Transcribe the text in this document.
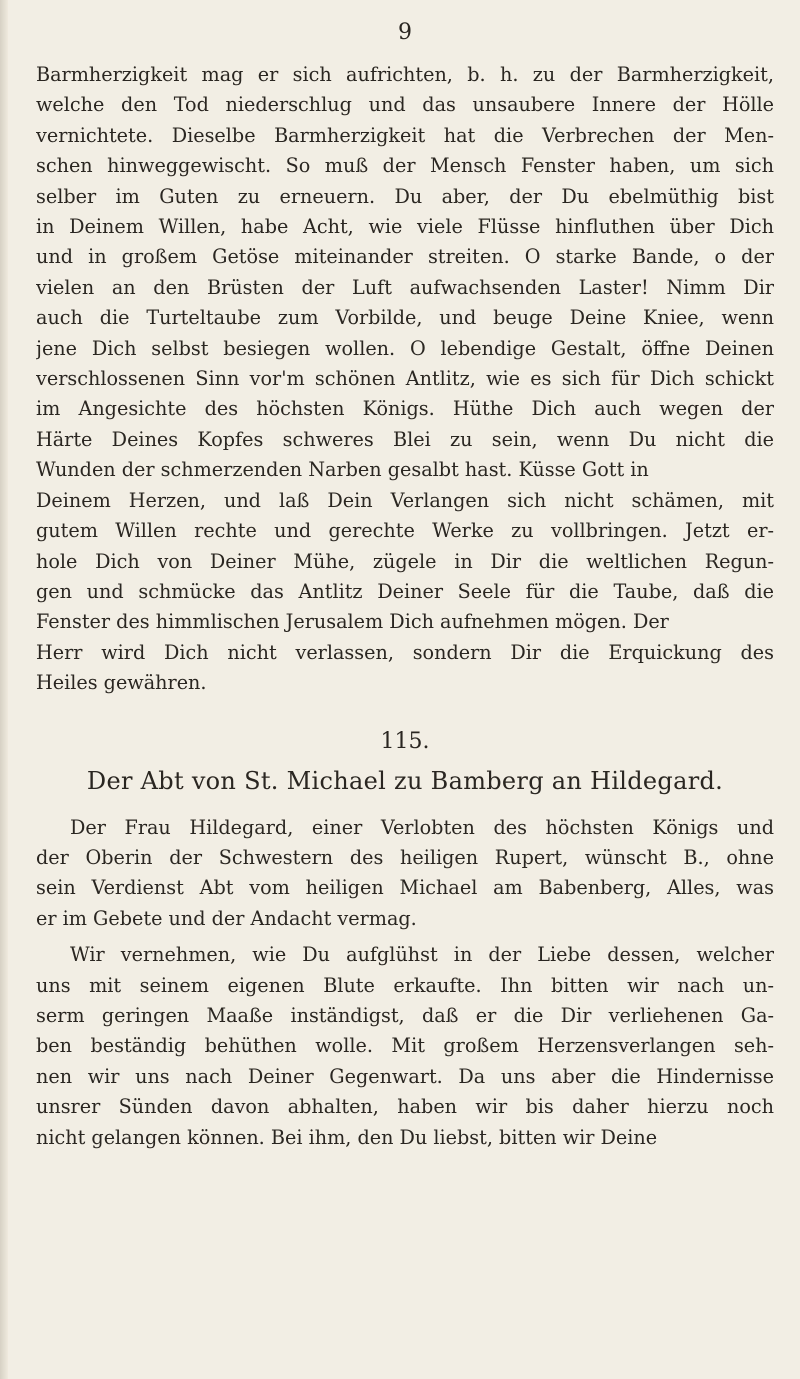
9
Barmherzigkeit mag er sich aufrichten, b. h. zu der Barmherzigkeit,
welche den Tod niederschlug und das unsaubere Innere der Hölle
vernichtete. Dieselbe Barmherzigkeit hat die Verbrechen der Men-
schen hinweggewischt. So muß der Mensch Fenster haben, um sich
selber im Guten zu erneuern. Du aber, der Du ebelmüthig bist
in Deinem Willen, habe Acht, wie viele Flüsse hinfluthen über Dich
und in großem Getöse miteinander streiten. O starke Bande, o der
vielen an den Brüsten der Luft aufwachsenden Laster! Nimm Dir
auch die Turteltaube zum Vorbilde, und beuge Deine Kniee, wenn
jene Dich selbst besiegen wollen. O lebendige Gestalt, öffne Deinen
verschlossenen Sinn vor'm schönen Antlitz, wie es sich für Dich schickt
im Angesichte des höchsten Königs. Hüthe Dich auch wegen der
Härte Deines Kopfes schweres Blei zu sein, wenn Du nicht die
Wunden der schmerzenden Narben gesalbt hast. Küsse Gott in
Deinem Herzen, und laß Dein Verlangen sich nicht schämen, mit
gutem Willen rechte und gerechte Werke zu vollbringen. Jetzt er-
hole Dich von Deiner Mühe, zügele in Dir die weltlichen Regun-
gen und schmücke das Antlitz Deiner Seele für die Taube, daß die
Fenster des himmlischen Jerusalem Dich aufnehmen mögen. Der
Herr wird Dich nicht verlassen, sondern Dir die Erquickung des
Heiles gewähren.
115.
Der Abt von St. Michael zu Bamberg an Hildegard.
Der Frau Hildegard, einer Verlobten des höchsten Königs und
der Oberin der Schwestern des heiligen Rupert, wünscht B., ohne
sein Verdienst Abt vom heiligen Michael am Babenberg, Alles, was
er im Gebete und der Andacht vermag.
Wir vernehmen, wie Du aufglühst in der Liebe dessen, welcher
uns mit seinem eigenen Blute erkaufte. Ihn bitten wir nach un-
serm geringen Maaße inständigst, daß er die Dir verliehenen Ga-
ben beständig behüthen wolle. Mit großem Herzensverlangen seh-
nen wir uns nach Deiner Gegenwart. Da uns aber die Hindernisse
unsrer Sünden davon abhalten, haben wir bis daher hierzu noch
nicht gelangen können. Bei ihm, den Du liebst, bitten wir Deine
